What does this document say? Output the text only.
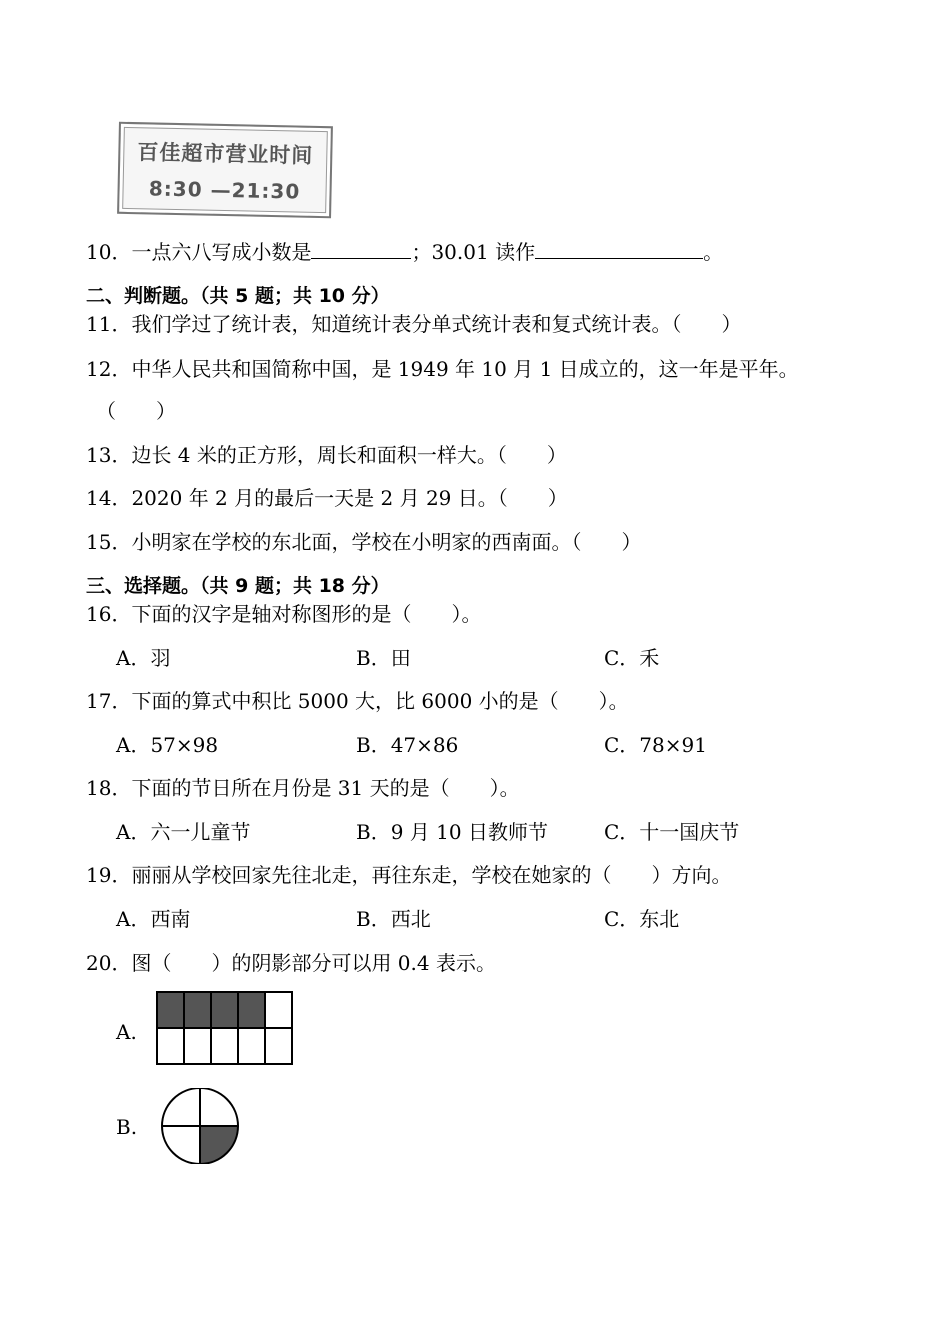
百佳超市营业时间
8:30 —21:30
10．一点六八写成小数是	；30.01 读作	。
二、判断题。（共 5 题；共 10 分）
11．我们学过了统计表，知道统计表分单式统计表和复式统计表。（　　）
12．中华人民共和国简称中国，是 1949 年 10 月 1 日成立的，这一年是平年。
（　　）
13．边长 4 米的正方形，周长和面积一样大。（　　）
14．2020 年 2 月的最后一天是 2 月 29 日。（　　）
15．小明家在学校的东北面，学校在小明家的西南面。（　　）
三、选择题。（共 9 题；共 18 分）
16．下面的汉字是轴对称图形的是（　　）。
A．羽	B．田	C．禾
17．下面的算式中积比 5000 大，比 6000 小的是（　　）。
A．57×98	B．47×86	C．78×91
18．下面的节日所在月份是 31 天的是（　　）。
A．六一儿童节	B．9 月 10 日教师节	C．十一国庆节
19．丽丽从学校回家先往北走，再往东走，学校在她家的（　　）方向。
A．西南	B．西北	C．东北
20．图（　　）的阴影部分可以用 0.4 表示。
A.
B.
